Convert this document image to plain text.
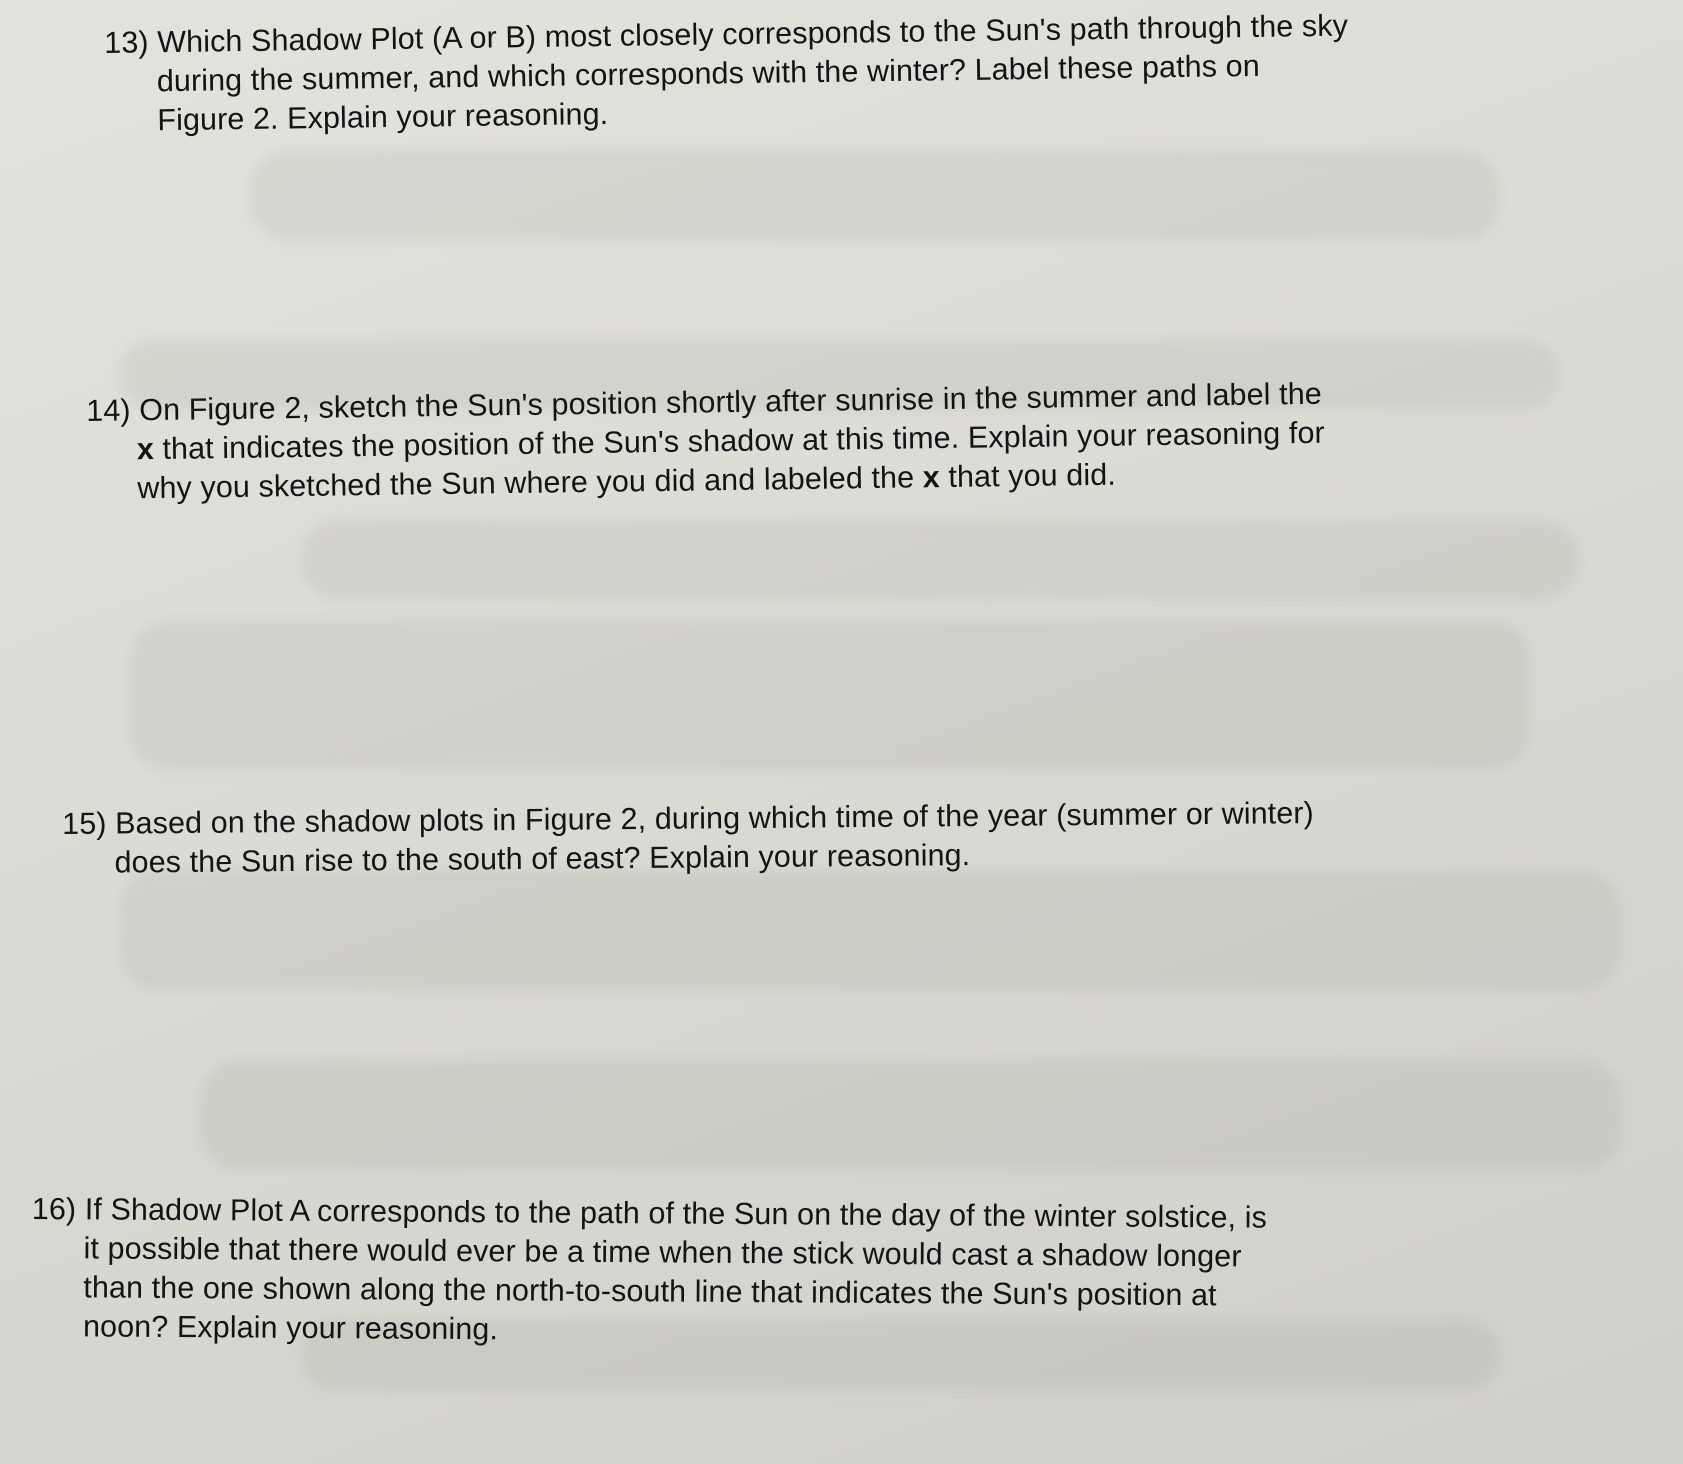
13) Which Shadow Plot (A or B) most closely corresponds to the Sun's path through the sky
during the summer, and which corresponds with the winter? Label these paths on
Figure 2. Explain your reasoning.
14) On Figure 2, sketch the Sun's position shortly after sunrise in the summer and label the
x that indicates the position of the Sun's shadow at this time. Explain your reasoning for
why you sketched the Sun where you did and labeled the x that you did.
15) Based on the shadow plots in Figure 2, during which time of the year (summer or winter)
does the Sun rise to the south of east? Explain your reasoning.
16) If Shadow Plot A corresponds to the path of the Sun on the day of the winter solstice, is
it possible that there would ever be a time when the stick would cast a shadow longer
than the one shown along the north-to-south line that indicates the Sun's position at
noon? Explain your reasoning.
